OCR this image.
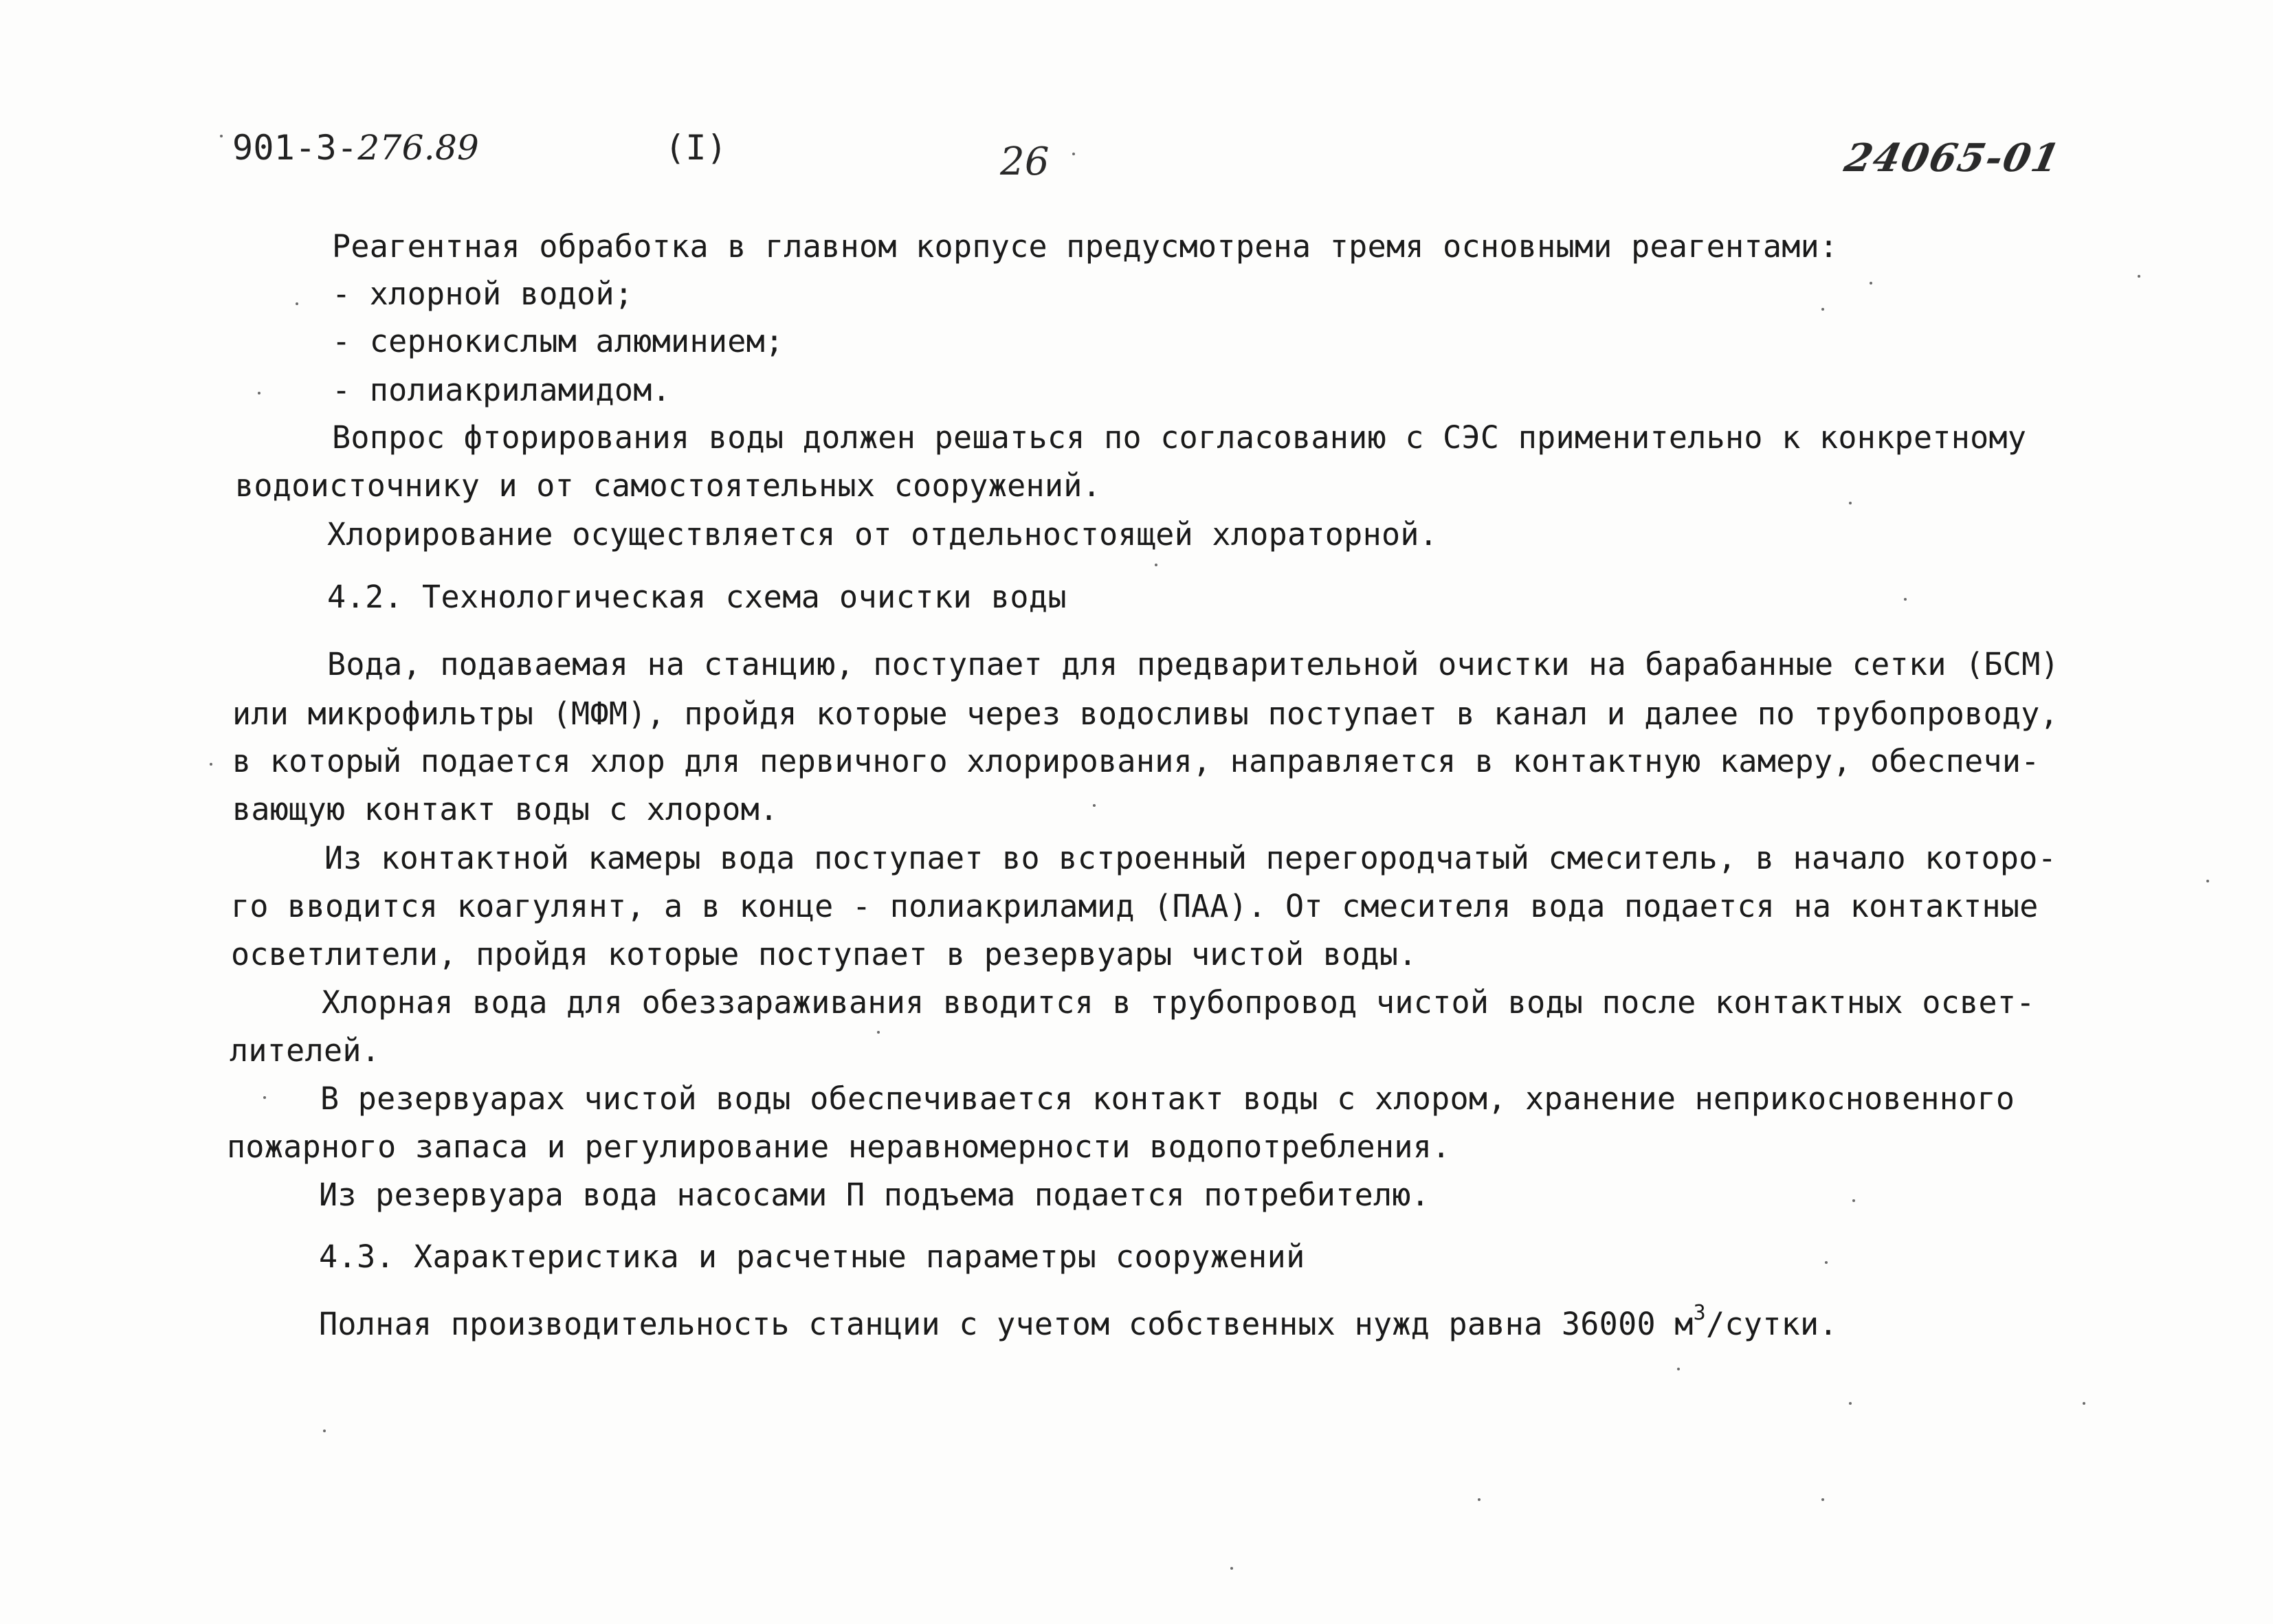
901-3-276.89	(I)	26	24065-01
Реагентная обработка в главном корпусе предусмотрена тремя основными реагентами:
- хлорной водой;
- сернокислым алюминием;
- полиакриламидом.
Вопрос фторирования воды должен решаться по согласованию с СЭС применительно к конкретному
водоисточнику и от самостоятельных сооружений.
Хлорирование осуществляется от отдельностоящей хлораторной.
4.2. Технологическая схема очистки воды
Вода, подаваемая на станцию, поступает для предварительной очистки на барабанные сетки (БСМ)
или микрофильтры (МФМ), пройдя которые через водосливы поступает в канал и далее по трубопроводу,
в который подается хлор для первичного хлорирования, направляется в контактную камеру, обеспечи-
вающую контакт воды с хлором.
Из контактной камеры вода поступает во встроенный перегородчатый смеситель, в начало которо-
го вводится коагулянт, а в конце - полиакриламид (ПАА). От смесителя вода подается на контактные
осветлители, пройдя которые поступает в резервуары чистой воды.
Хлорная вода для обеззараживания вводится в трубопровод чистой воды после контактных освет-
лителей.
В резервуарах чистой воды обеспечивается контакт воды с хлором, хранение неприкосновенного
пожарного запаса и регулирование неравномерности водопотребления.
Из резервуара вода насосами П подъема подается потребителю.
4.3. Характеристика и расчетные параметры сооружений
Полная производительность станции с учетом собственных нужд равна 36000 $м^3$/сутки.
